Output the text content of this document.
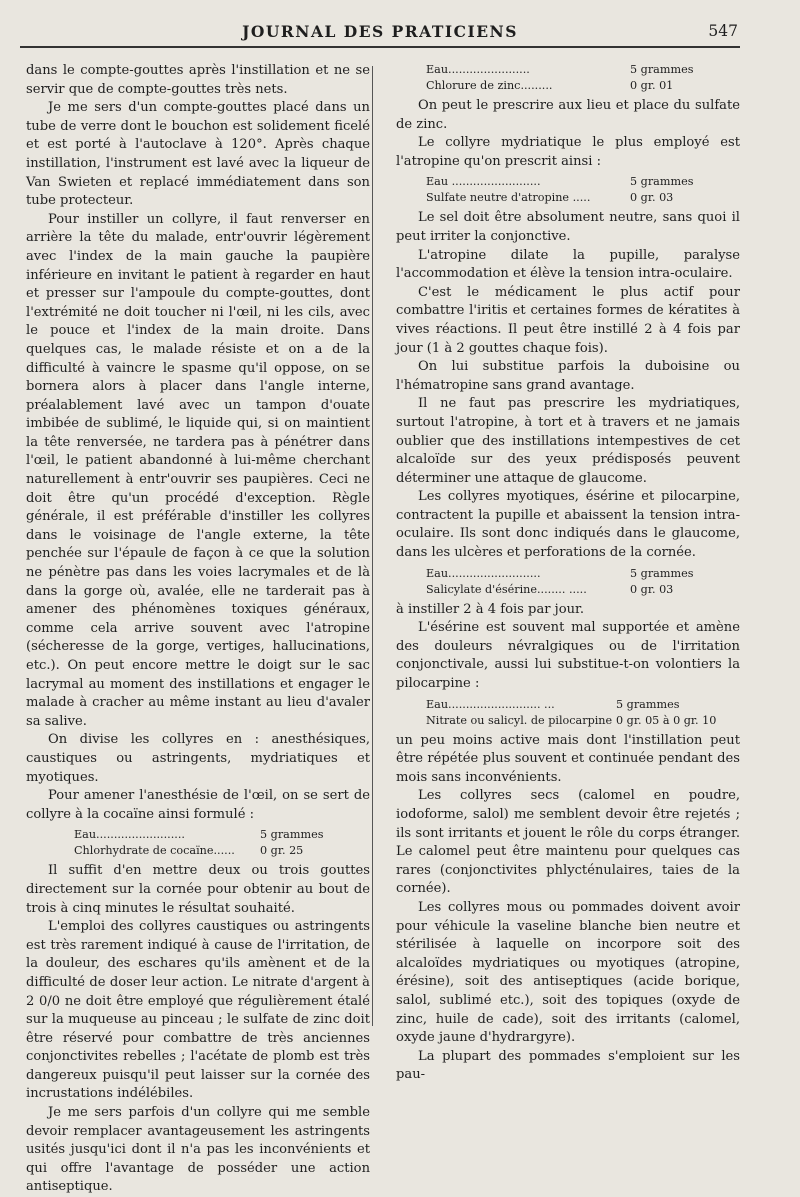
JOURNAL DES PRATICIENS	547

dans le compte-gouttes après l'instillation et ne se servir que de compte-gouttes très nets.

Je me sers d'un compte-gouttes placé dans un tube de verre dont le bouchon est solidement ficelé et est porté à l'autoclave à 120°. Après chaque instillation, l'instrument est lavé avec la liqueur de Van Swieten et replacé immédiatement dans son tube protecteur.

Pour instiller un collyre, il faut renverser en arrière la tête du malade, entr'ouvrir légèrement avec l'index de la main gauche la paupière inférieure en invitant le patient à regarder en haut et presser sur l'ampoule du compte-gouttes, dont l'extrémité ne doit toucher ni l'œil, ni les cils, avec le pouce et l'index de la main droite. Dans quelques cas, le malade résiste et on a de la difficulté à vaincre le spasme qu'il oppose, on se bornera alors à placer dans l'angle interne, préalablement lavé avec un tampon d'ouate imbibée de sublimé, le liquide qui, si on maintient la tête renversée, ne tardera pas à pénétrer dans l'œil, le patient abandonné à lui-même cherchant naturellement à entr'ouvrir ses paupières. Ceci ne doit être qu'un procédé d'exception. Règle générale, il est préférable d'instiller les collyres dans le voisinage de l'angle externe, la tête penchée sur l'épaule de façon à ce que la solution ne pénètre pas dans les voies lacrymales et de là dans la gorge où, avalée, elle ne tarderait pas à amener des phénomènes toxiques généraux, comme cela arrive souvent avec l'atropine (sécheresse de la gorge, vertiges, hallucinations, etc.). On peut encore mettre le doigt sur le sac lacrymal au moment des instillations et engager le malade à cracher au même instant au lieu d'avaler sa salive.

On divise les collyres en : anesthésiques, caustiques ou astringents, mydriatiques et myotiques.

Pour amener l'anesthésie de l'œil, on se sert de collyre à la cocaïne ainsi formulé :

Eau.........................	5 grammes
Chlorhydrate de cocaïne......	0 gr. 25

Il suffit d'en mettre deux ou trois gouttes directement sur la cornée pour obtenir au bout de trois à cinq minutes le résultat souhaité.

L'emploi des collyres caustiques ou astringents est très rarement indiqué à cause de l'irritation, de la douleur, des eschares qu'ils amènent et de la difficulté de doser leur action. Le nitrate d'argent à 2 0/0 ne doit être employé que régulièrement étalé sur la muqueuse au pinceau ; le sulfate de zinc doit être réservé pour combattre de très anciennes conjonctivites rebelles ; l'acétate de plomb est très dangereux puisqu'il peut laisser sur la cornée des incrustations indélébiles.

Je me sers parfois d'un collyre qui me semble devoir remplacer avantageusement les astringents usités jusqu'ici dont il n'a pas les inconvénients et qui offre l'avantage de posséder une action antiseptique.

Eau.......................	5 grammes
Chlorure de zinc.........	0 gr. 01

On peut le prescrire aux lieu et place du sulfate de zinc.

Le collyre mydriatique le plus employé est l'atropine qu'on prescrit ainsi :

Eau .........................	5 grammes
Sulfate neutre d'atropine .....	0 gr. 03

Le sel doit être absolument neutre, sans quoi il peut irriter la conjonctive.

L'atropine dilate la pupille, paralyse l'accommodation et élève la tension intra-oculaire.

C'est le médicament le plus actif pour combattre l'iritis et certaines formes de kératites à vives réactions. Il peut être instillé 2 à 4 fois par jour (1 à 2 gouttes chaque fois).

On lui substitue parfois la duboisine ou l'hématropine sans grand avantage.

Il ne faut pas prescrire les mydriatiques, surtout l'atropine, à tort et à travers et ne jamais oublier que des instillations intempestives de cet alcaloïde sur des yeux prédisposés peuvent déterminer une attaque de glaucome.

Les collyres myotiques, ésérine et pilocarpine, contractent la pupille et abaissent la tension intra-oculaire. Ils sont donc indiqués dans le glaucome, dans les ulcères et perforations de la cornée.

Eau..........................	5 grammes
Salicylate d'ésérine........ .....	0 gr. 03

à instiller 2 à 4 fois par jour.

L'ésérine est souvent mal supportée et amène des douleurs névralgiques ou de l'irritation conjonctivale, aussi lui substitue-t-on volontiers la pilocarpine :

Eau.......................... ...	5 grammes
Nitrate ou salicyl. de pilocarpine 0 gr. 05 à 0 gr. 10

un peu moins active mais dont l'instillation peut être répétée plus souvent et continuée pendant des mois sans inconvénients.

Les collyres secs (calomel en poudre, iodoforme, salol) me semblent devoir être rejetés ; ils sont irritants et jouent le rôle du corps étranger. Le calomel peut être maintenu pour quelques cas rares (conjonctivites phlycténulaires, taies de la cornée).

Les collyres mous ou pommades doivent avoir pour véhicule la vaseline blanche bien neutre et stérilisée à laquelle on incorpore soit des alcaloïdes mydriatiques ou myotiques (atropine, érésine), soit des antiseptiques (acide borique, salol, sublimé etc.), soit des topiques (oxyde de zinc, huile de cade), soit des irritants (calomel, oxyde jaune d'hydrargyre).

La plupart des pommades s'emploient sur les pau-
